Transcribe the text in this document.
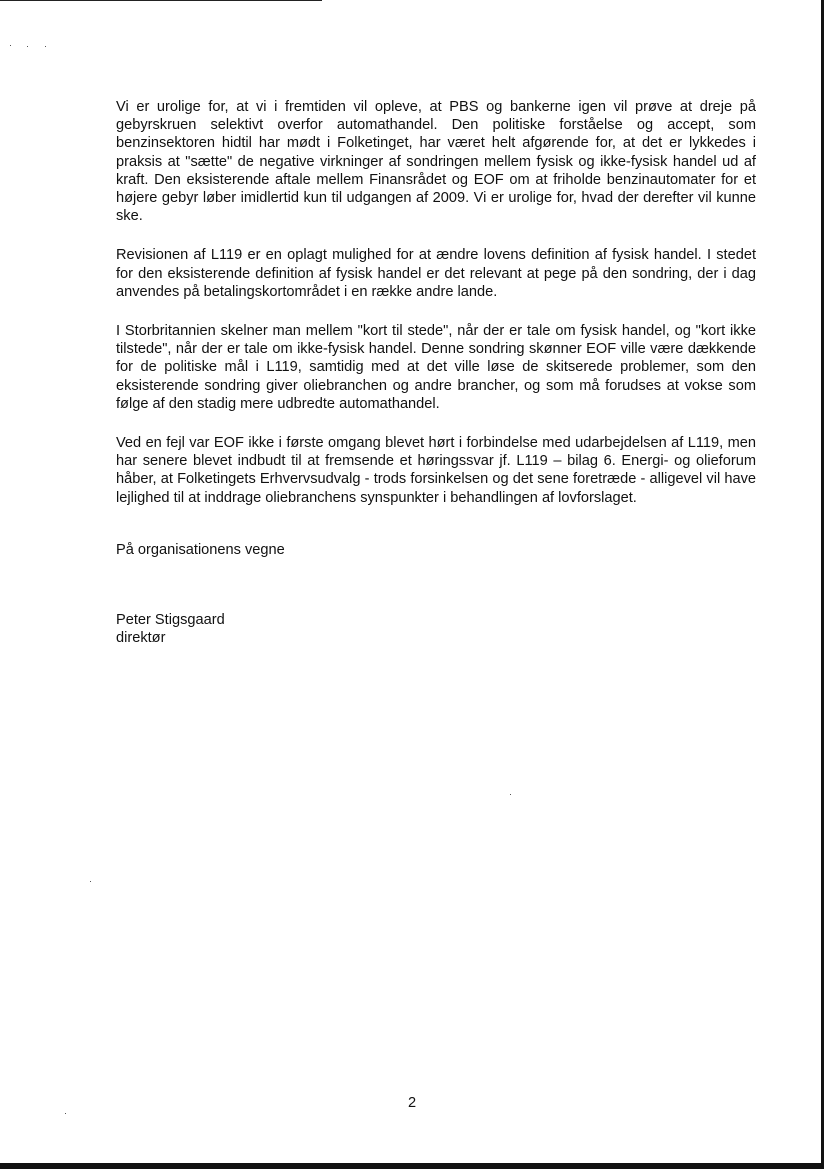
Vi er urolige for, at vi i fremtiden vil opleve, at PBS og bankerne igen vil prøve at dreje på gebyrskruen selektivt overfor automathandel. Den politiske forståelse og accept, som benzinsektoren hidtil har mødt i Folketinget, har været helt afgørende for, at det er lykkedes i praksis at "sætte" de negative virkninger af sondringen mellem fysisk og ikke-fysisk handel ud af kraft. Den eksisterende aftale mellem Finansrådet og EOF om at friholde benzinautomater for et højere gebyr løber imidlertid kun til udgangen af 2009. Vi er urolige for, hvad der derefter vil kunne ske.

Revisionen af L119 er en oplagt mulighed for at ændre lovens definition af fysisk handel. I stedet for den eksisterende definition af fysisk handel er det relevant at pege på den sondring, der i dag anvendes på betalingskortområdet i en række andre lande.

I Storbritannien skelner man mellem "kort til stede", når der er tale om fysisk handel, og "kort ikke tilstede", når der er tale om ikke-fysisk handel. Denne sondring skønner EOF ville være dækkende for de politiske mål i L119, samtidig med at det ville løse de skitserede problemer, som den eksisterende sondring giver oliebranchen og andre brancher, og som må forudses at vokse som følge af den stadig mere udbredte automathandel.

Ved en fejl var EOF ikke i første omgang blevet hørt i forbindelse med udarbejdelsen af L119, men har senere blevet indbudt til at fremsende et høringssvar jf. L119 – bilag 6. Energi- og olieforum håber, at Folketingets Erhvervsudvalg - trods forsinkelsen og det sene foretræde - alligevel vil have lejlighed til at inddrage oliebranchens synspunkter i behandlingen af lovforslaget.

På organisationens vegne
Peter Stigsgaard
direktør
2
